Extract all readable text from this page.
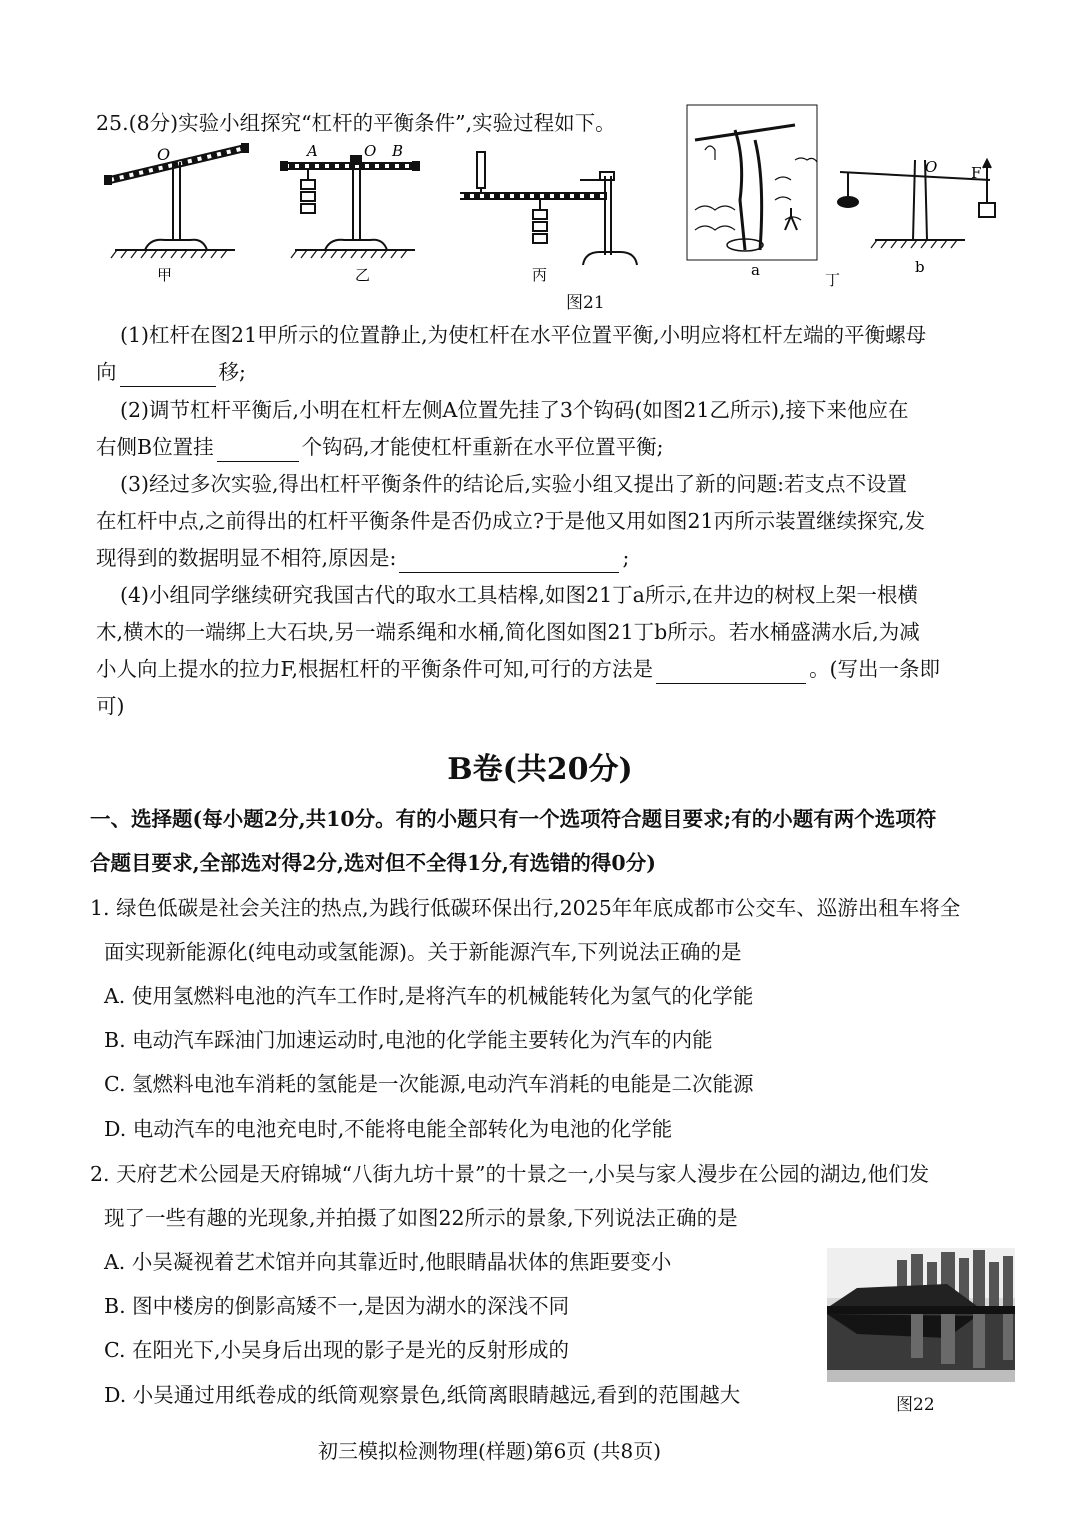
25.(8分)实验小组探究“杠杆的平衡条件”,实验过程如下。
O
甲
A	O B
乙	丙	a
丁
O F
b
图21
(1)杠杆在图21甲所示的位置静止,为使杠杆在水平位置平衡,小明应将杠杆左端的平衡螺母
向	移;
(2)调节杠杆平衡后,小明在杠杆左侧A位置先挂了3个钩码(如图21乙所示),接下来他应在
右侧B位置挂	个钩码,才能使杠杆重新在水平位置平衡;
(3)经过多次实验,得出杠杆平衡条件的结论后,实验小组又提出了新的问题:若支点不设置
在杠杆中点,之前得出的杠杆平衡条件是否仍成立?于是他又用如图21丙所示装置继续探究,发
现得到的数据明显不相符,原因是:	;
(4)小组同学继续研究我国古代的取水工具桔槔,如图21丁a所示,在井边的树杈上架一根横
木,横木的一端绑上大石块,另一端系绳和水桶,简化图如图21丁b所示。若水桶盛满水后,为减
小人向上提水的拉力F,根据杠杆的平衡条件可知,可行的方法是	。(写出一条即
可)
B卷(共20分)
一、选择题(每小题2分,共10分。有的小题只有一个选项符合题目要求;有的小题有两个选项符
合题目要求,全部选对得2分,选对但不全得1分,有选错的得0分)
1. 绿色低碳是社会关注的热点,为践行低碳环保出行,2025年年底成都市公交车、巡游出租车将全
面实现新能源化(纯电动或氢能源)。关于新能源汽车,下列说法正确的是
A. 使用氢燃料电池的汽车工作时,是将汽车的机械能转化为氢气的化学能
B. 电动汽车踩油门加速运动时,电池的化学能主要转化为汽车的内能
C. 氢燃料电池车消耗的氢能是一次能源,电动汽车消耗的电能是二次能源
D. 电动汽车的电池充电时,不能将电能全部转化为电池的化学能
2. 天府艺术公园是天府锦城“八街九坊十景”的十景之一,小吴与家人漫步在公园的湖边,他们发
现了一些有趣的光现象,并拍摄了如图22所示的景象,下列说法正确的是
A. 小吴凝视着艺术馆并向其靠近时,他眼睛晶状体的焦距要变小
B. 图中楼房的倒影高矮不一,是因为湖水的深浅不同
C. 在阳光下,小吴身后出现的影子是光的反射形成的
D. 小吴通过用纸卷成的纸筒观察景色,纸筒离眼睛越远,看到的范围越大	图22
初三模拟检测物理(样题)第6页 (共8页)
